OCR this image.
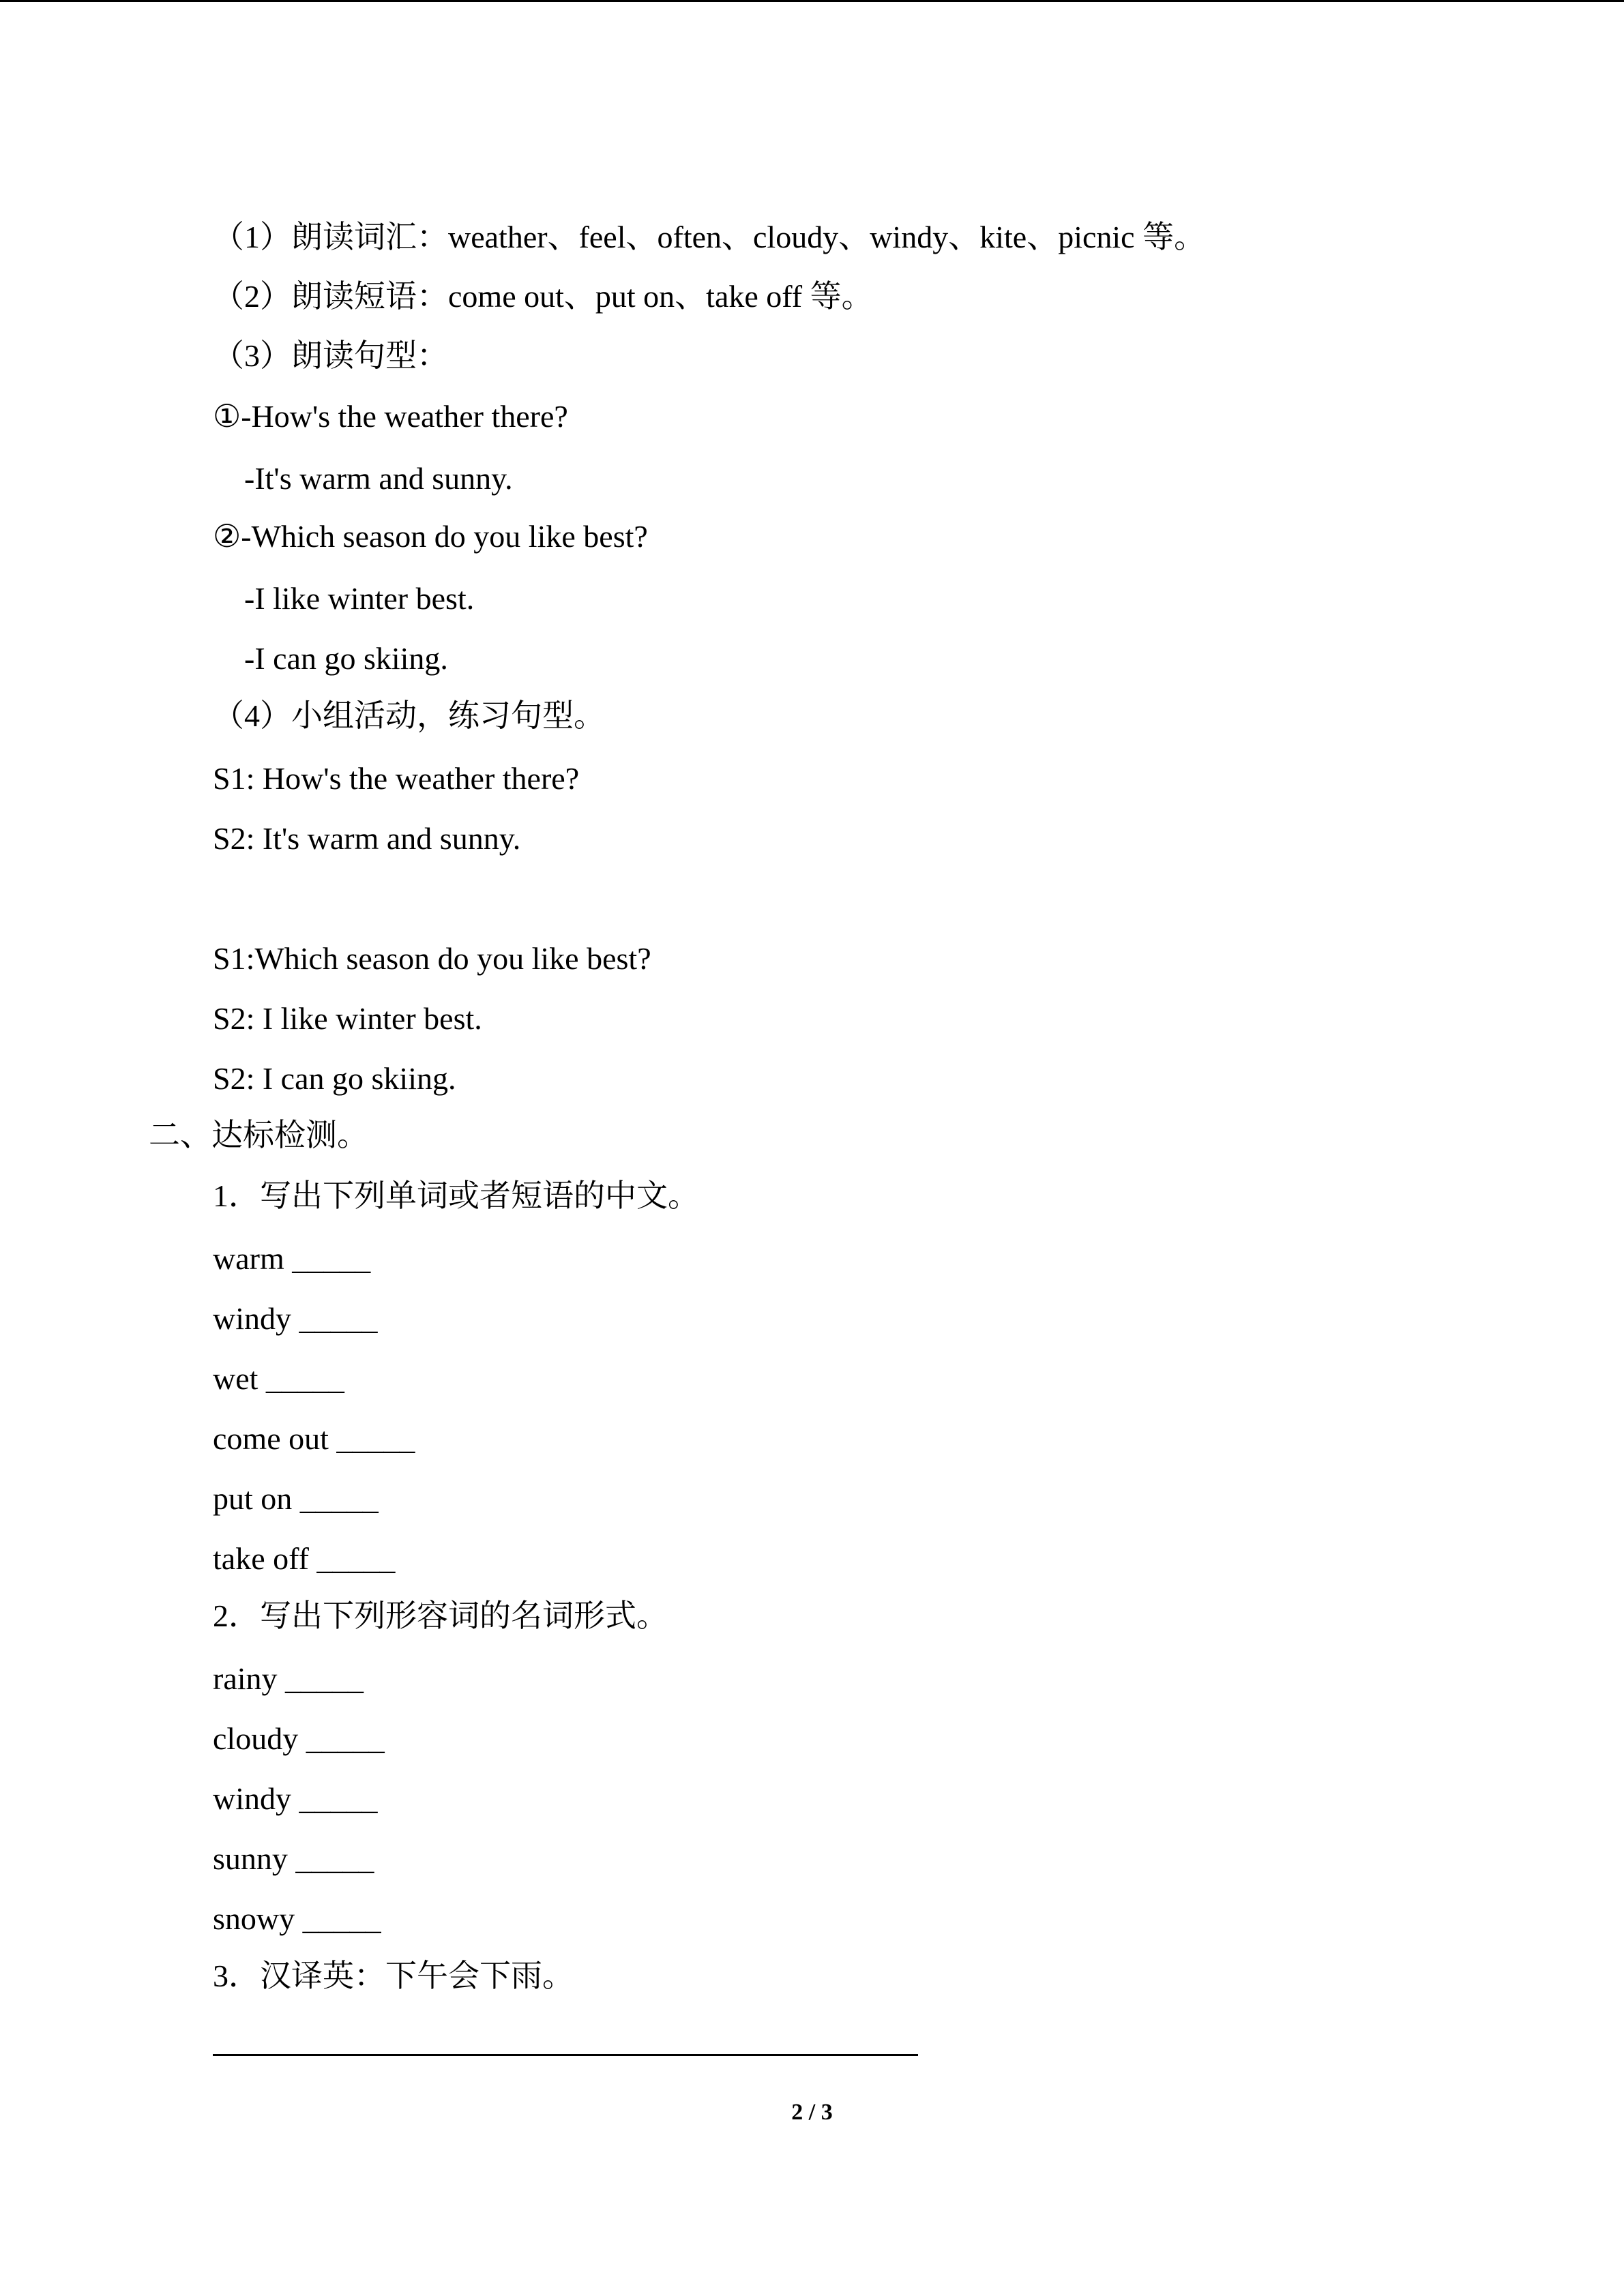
（1）朗读词汇：weather、feel、often、cloudy、windy、kite、picnic 等。
（2）朗读短语：come out、put on、take off 等。
（3）朗读句型：
①-How's the weather there?
-It's warm and sunny.
②-Which season do you like best?
-I like winter best.
-I can go skiing.
（4）小组活动，练习句型。
S1: How's the weather there?
S2: It's warm and sunny.
S1:Which season do you like best?
S2: I like winter best.
S2: I can go skiing.
二、达标检测。
1．写出下列单词或者短语的中文。
warm _____
windy _____
wet _____
come out _____
put on _____
take off _____
2．写出下列形容词的名词形式。
rainy _____
cloudy _____
windy _____
sunny _____
snowy _____
3．汉译英：下午会下雨。
2 / 3
